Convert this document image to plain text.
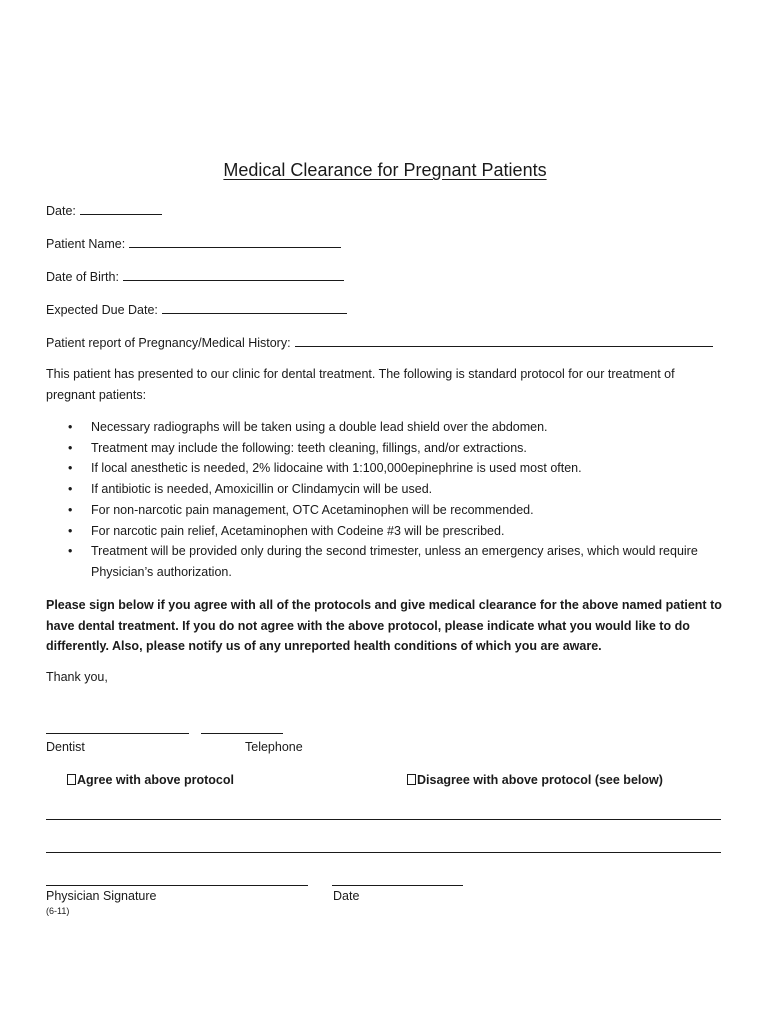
Medical Clearance for Pregnant Patients
Date:
Patient Name:
Date of Birth:
Expected Due Date:
Patient report of Pregnancy/Medical History:
This patient has presented to our clinic for dental treatment. The following is standard protocol for our treatment of pregnant patients:
• Necessary radiographs will be taken using a double lead shield over the abdomen.
• Treatment may include the following: teeth cleaning, fillings, and/or extractions.
• If local anesthetic is needed, 2% lidocaine with 1:100,000epinephrine is used most often.
• If antibiotic is needed, Amoxicillin or Clindamycin will be used.
• For non-narcotic pain management, OTC Acetaminophen will be recommended.
• For narcotic pain relief, Acetaminophen with Codeine #3 will be prescribed.
• Treatment will be provided only during the second trimester, unless an emergency arises, which would require Physician’s authorization.
Please sign below if you agree with all of the protocols and give medical clearance for the above named patient to have dental treatment. If you do not agree with the above protocol, please indicate what you would like to do differently. Also, please notify us of any unreported health conditions of which you are aware.
Thank you,
Dentist	Telephone
Agree with above protocol	Disagree with above protocol (see below)
Physician Signature	Date
(6-11)
